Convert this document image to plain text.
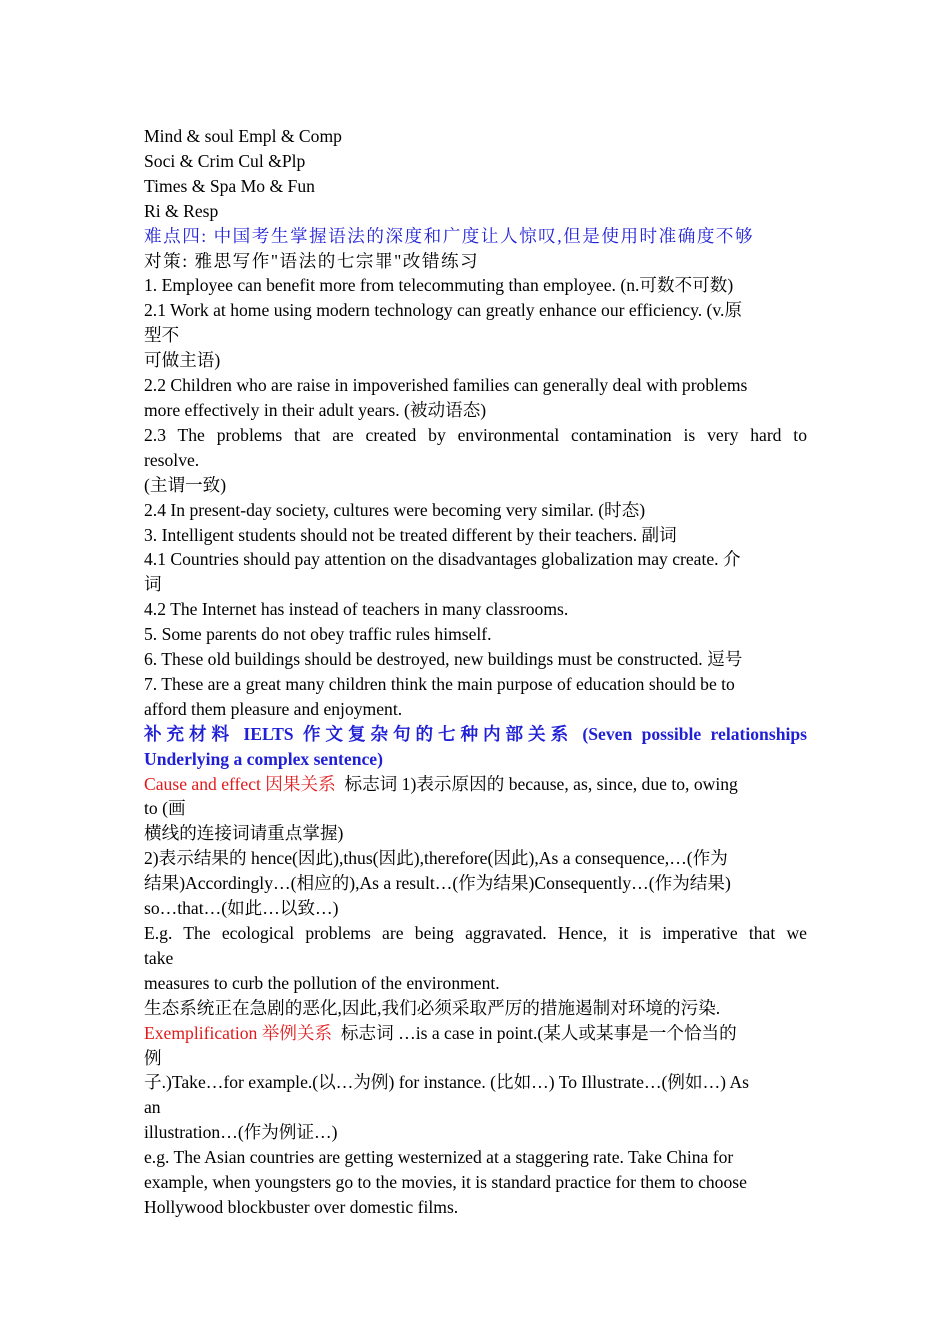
Mind & soul Empl & Comp
Soci & Crim Cul &Plp
Times & Spa Mo & Fun
Ri & Resp
难点四: 中国考生掌握语法的深度和广度让人惊叹,但是使用时准确度不够
对策: 雅思写作"语法的七宗罪"改错练习
1. Employee can benefit more from telecommuting than employee. (n.可数不可数)
2.1 Work at home using modern technology can greatly enhance our efficiency. (v.原
型不
可做主语)
2.2 Children who are raise in impoverished families can generally deal with problems
more effectively in their adult years. (被动语态)
2.3 The problems that are created by environmental contamination is very hard to
resolve.
(主谓一致)
2.4 In present-day society, cultures were becoming very similar. (时态)
3. Intelligent students should not be treated different by their teachers. 副词
4.1 Countries should pay attention on the disadvantages globalization may create. 介
词
4.2 The Internet has instead of teachers in many classrooms.
5. Some parents do not obey traffic rules himself.
6. These old buildings should be destroyed, new buildings must be constructed. 逗号
7. These are a great many children think the main purpose of education should be to
afford them pleasure and enjoyment.
补充材料 IELTS 作文复杂句的七种内部关系 (Seven possible relationships
Underlying a complex sentence)
Cause and effect 因果关系 标志词 1)表示原因的 because, as, since, due to, owing
to (画
横线的连接词请重点掌握)
2)表示结果的 hence(因此),thus(因此),therefore(因此),As a consequence,…(作为
结果)Accordingly…(相应的),As a result…(作为结果)Consequently…(作为结果)
so…that…(如此…以致…)
E.g. The ecological problems are being aggravated. Hence, it is imperative that we
take
measures to curb the pollution of the environment.
生态系统正在急剧的恶化,因此,我们必须采取严厉的措施遏制对环境的污染.
Exemplification 举例关系 标志词 …is a case in point.(某人或某事是一个恰当的
例
子.)Take…for example.(以…为例) for instance. (比如…) To Illustrate…(例如…) As
an
illustration…(作为例证…)
e.g. The Asian countries are getting westernized at a staggering rate. Take China for
example, when youngsters go to the movies, it is standard practice for them to choose
Hollywood blockbuster over domestic films.
